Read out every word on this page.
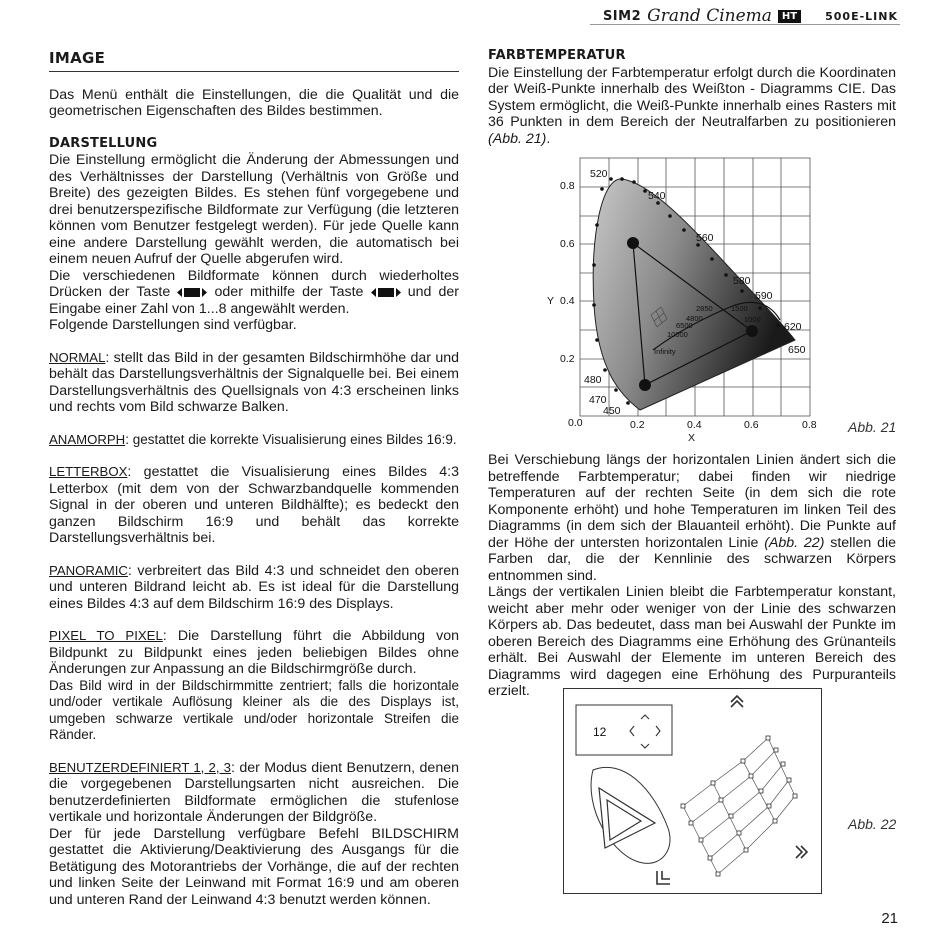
SIM2 Grand Cinema	HT	500E-LINK
IMAGE

Das Menü enthält die Einstellungen, die die Qualität und die geometrischen Eigenschaften des Bildes bestimmen.

DARSTELLUNG

Die Einstellung ermöglicht die Änderung der Abmessungen und des Verhältnisses der Darstellung (Verhältnis von Größe und Breite) des gezeigten Bildes. Es stehen fünf vorgegebene und drei benutzerspezifische Bildformate zur Verfügung (die letzteren können vom Benutzer festgelegt werden). Für jede Quelle kann eine andere Darstellung gewählt werden, die automatisch bei einem neuen Aufruf der Quelle abgerufen wird.

Die verschiedenen Bildformate können durch wiederholtes Drücken der Taste	oder mithilfe der Taste	und der Eingabe einer Zahl von 1...8 angewählt werden.

Folgende Darstellungen sind verfügbar.

NORMAL: stellt das Bild in der gesamten Bildschirmhöhe dar und behält das Darstellungsverhältnis der Signalquelle bei. Bei einem Darstellungsverhältnis des Quellsignals von 4:3 erscheinen links und rechts vom Bild schwarze Balken.

ANAMORPH: gestattet die korrekte Visualisierung eines Bildes 16:9.

LETTERBOX: gestattet die Visualisierung eines Bildes 4:3 Letterbox (mit dem von der Schwarzbandquelle kommenden Signal in der oberen und unteren Bildhälfte); es bedeckt den ganzen Bildschirm 16:9 und behält das korrekte Darstellungsverhältnis bei.

PANORAMIC: verbreitert das Bild 4:3 und schneidet den oberen und unteren Bildrand leicht ab. Es ist ideal für die Darstellung eines Bildes 4:3 auf dem Bildschirm 16:9 des Displays.

PIXEL TO PIXEL: Die Darstellung führt die Abbildung von Bildpunkt zu Bildpunkt eines jeden beliebigen Bildes ohne Änderungen zur Anpassung an die Bildschirmgröße durch.

Das Bild wird in der Bildschirmmitte zentriert; falls die horizontale und/oder vertikale Auflösung kleiner als die des Displays ist, umgeben schwarze vertikale und/oder horizontale Streifen die Ränder.

BENUTZERDEFINIERT 1, 2, 3: der Modus dient Benutzern, denen die vorgegebenen Darstellungsarten nicht ausreichen. Die benutzerdefinierten Bildformate ermöglichen die stufenlose vertikale und horizontale Änderungen der Bildgröße.

Der für jede Darstellung verfügbare Befehl BILDSCHIRM gestattet die Aktivierung/Deaktivierung des Ausgangs für die Betätigung des Motorantriebs der Vorhänge, die auf der rechten und linken Seite der Leinwand mit Format 16:9 und am oberen und unteren Rand der Leinwand 4:3 benutzt werden können.

FARBTEMPERATUR

Die Einstellung der Farbtemperatur erfolgt durch die Koordinaten der Weiß-Punkte innerhalb des Weißton - Diagramms CIE. Das System ermöglicht, die Weiß-Punkte innerhalb eines Rasters mit 36 Punkten in dem Bereich der Neutralfarben zu positionieren (Abb. 21).

0.8
0.6
0.4
0.2
0.0	0.2	0.4	0.6	0.8
Y
X
520
540
560
580
590
620
650
480
470
450
2850
4800
6500
10000
Infinity
1500
1000
Abb. 21

Bei Verschiebung längs der horizontalen Linien ändert sich die betreffende Farbtemperatur; dabei finden wir niedrige Temperaturen auf der rechten Seite (in dem sich die rote Komponente erhöht) und hohe Temperaturen im linken Teil des Diagramms (in dem sich der Blauanteil erhöht). Die Punkte auf der Höhe der untersten horizontalen Linie (Abb. 22) stellen die Farben dar, die der Kennlinie des schwarzen Körpers entnommen sind.

Längs der vertikalen Linien bleibt die Farbtemperatur konstant, weicht aber mehr oder weniger von der Linie des schwarzen Körpers ab. Das bedeutet, dass man bei Auswahl der Punkte im oberen Bereich des Diagramms eine Erhöhung des Grünanteils erhält. Bei Auswahl der Elemente im unteren Bereich des Diagramms wird dagegen eine Erhöhung des Purpuranteils erzielt.

12
Abb. 22
21
